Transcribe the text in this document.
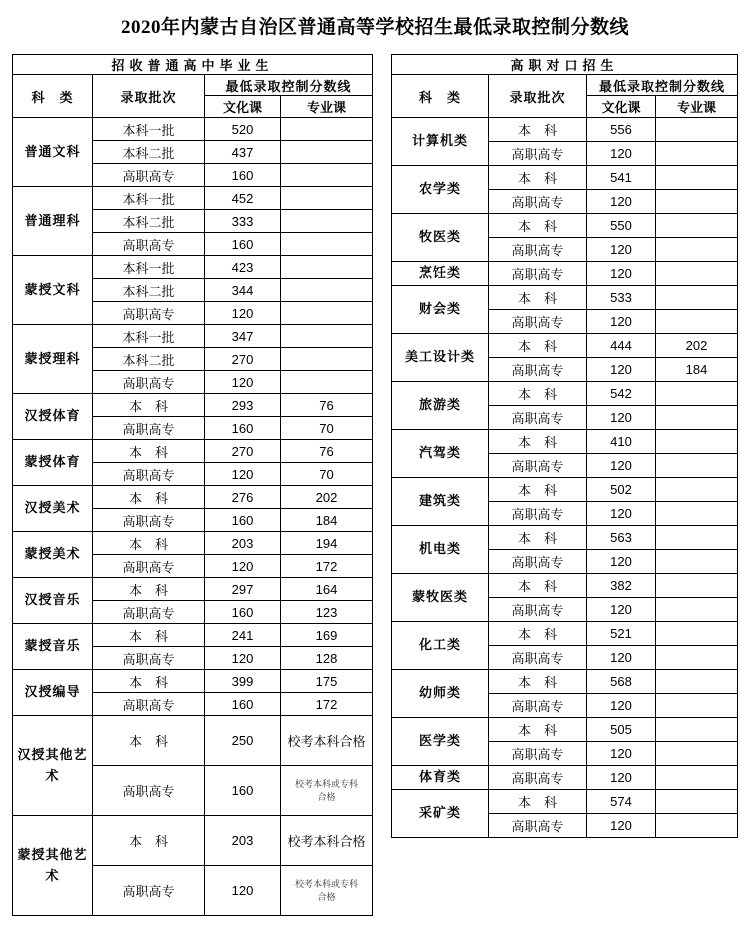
2020年内蒙古自治区普通高等学校招生最低录取控制分数线
招收普通高中毕业生			
科　类	录取批次	最低录取控制分数线	
		文化课	专业课
普通文科	本科一批	520	
	本科二批	437	
	高职高专	160	
普通理科	本科一批	452	
	本科二批	333	
	高职高专	160	
蒙授文科	本科一批	423	
	本科二批	344	
	高职高专	120	
蒙授理科	本科一批	347	
	本科二批	270	
	高职高专	120	
汉授体育	本　科	293	76
	高职高专	160	70
蒙授体育	本　科	270	76
	高职高专	120	70
汉授美术	本　科	276	202
	高职高专	160	184
蒙授美术	本　科	203	194
	高职高专	120	172
汉授音乐	本　科	297	164
	高职高专	160	123
蒙授音乐	本　科	241	169
	高职高专	120	128
汉授编导	本　科	399	175
	高职高专	160	172
汉授其他艺术	本　科	250	校考本科合格
	高职高专	160	校考本科或专科合格
蒙授其他艺术	本　科	203	校考本科合格
	高职高专	120	校考本科或专科合格
高职对口招生			
科　类	录取批次	最低录取控制分数线	
		文化课	专业课
计算机类	本　科	556	
	高职高专	120	
农学类	本　科	541	
	高职高专	120	
牧医类	本　科	550	
	高职高专	120	
烹饪类	高职高专	120	
财会类	本　科	533	
	高职高专	120	
美工设计类	本　科	444	202
	高职高专	120	184
旅游类	本　科	542	
	高职高专	120	
汽驾类	本　科	410	
	高职高专	120	
建筑类	本　科	502	
	高职高专	120	
机电类	本　科	563	
	高职高专	120	
蒙牧医类	本　科	382	
	高职高专	120	
化工类	本　科	521	
	高职高专	120	
幼师类	本　科	568	
	高职高专	120	
医学类	本　科	505	
	高职高专	120	
体育类	高职高专	120	
采矿类	本　科	574	
	高职高专	120	
